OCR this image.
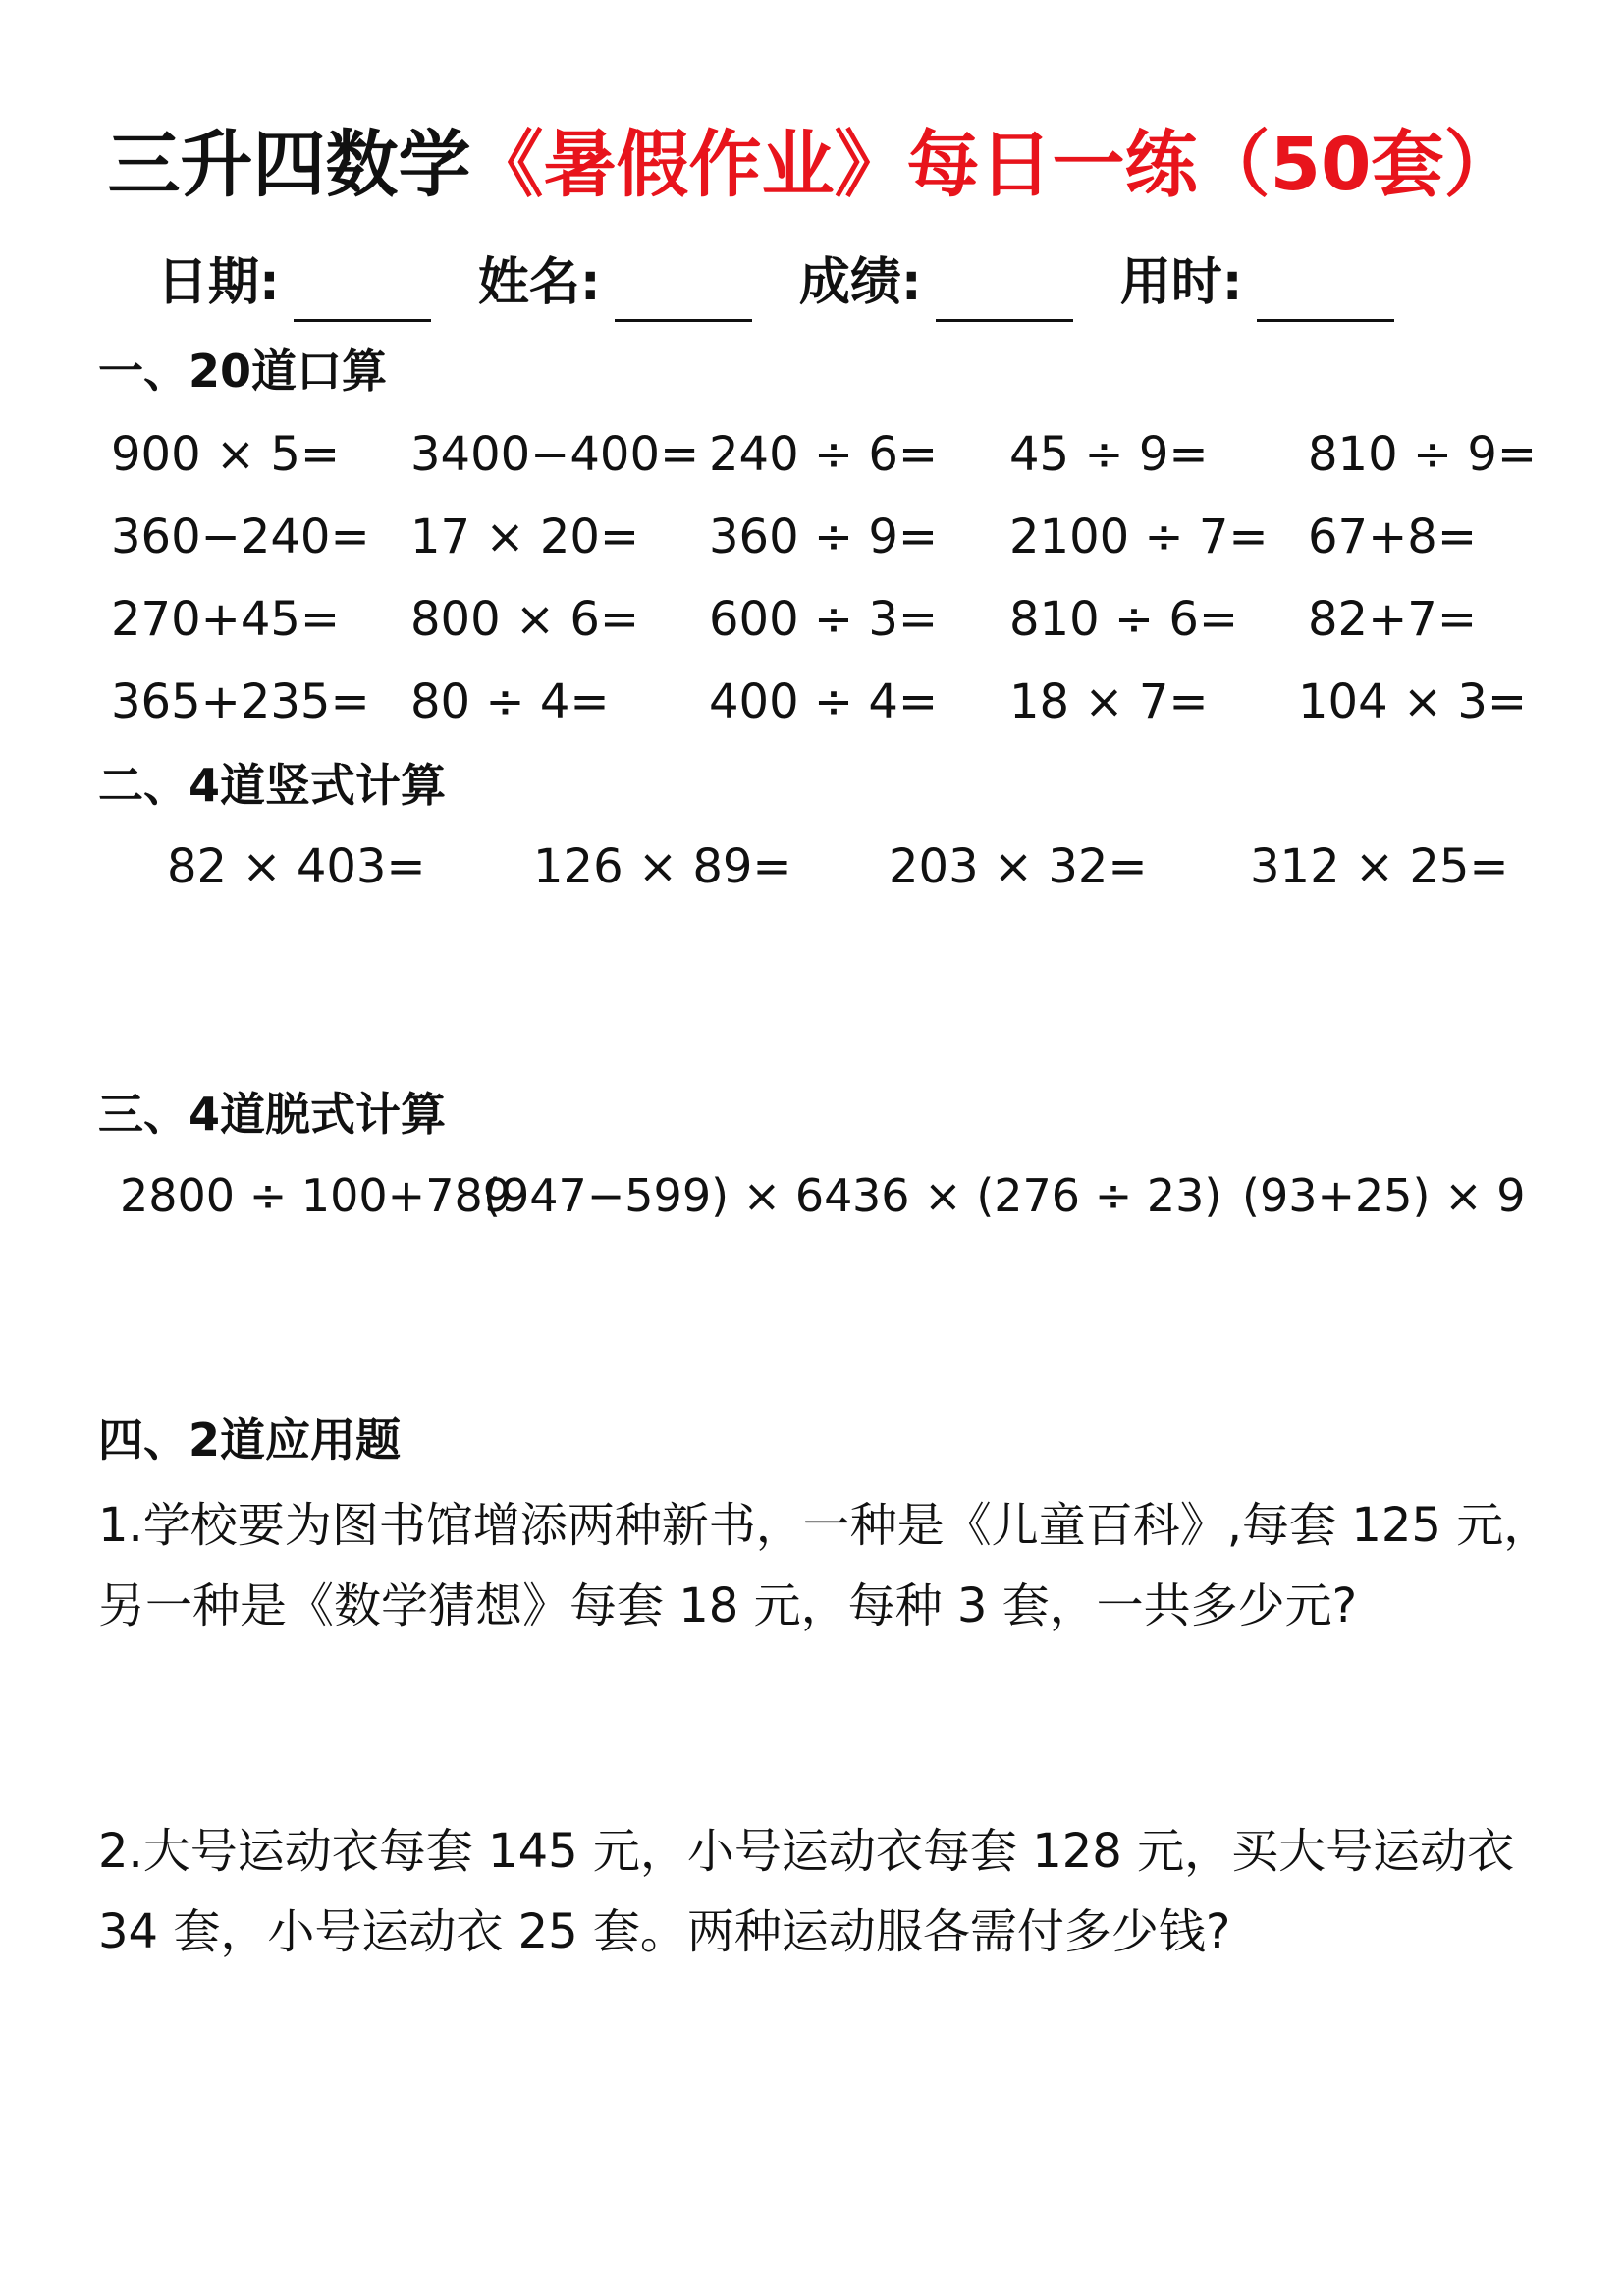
三升四数学《暑假作业》每日一练（50套）
日期:	姓名:	成绩:	用时:
一、20道口算
900 × 5= 3400−400= 240 ÷ 6= 45 ÷ 9= 810 ÷ 9=
360−240= 17 × 20= 360 ÷ 9= 2100 ÷ 7= 67+8=
270+45= 800 × 6= 600 ÷ 3= 810 ÷ 6= 82+7=
365+235= 80 ÷ 4= 400 ÷ 4= 18 × 7= 104 × 3=
二、4道竖式计算
82 × 403= 126 × 89= 203 × 32= 312 × 25=
三、4道脱式计算
2800 ÷ 100+789
(947−599) × 64 36 × (276 ÷ 23) (93+25) × 9
四、2道应用题
1.学校要为图书馆增添两种新书，一种是《儿童百科》,每套 125 元，
另一种是《数学猜想》每套 18 元，每种 3 套，一共多少元?
2.大号运动衣每套 145 元，小号运动衣每套 128 元，买大号运动衣
34 套，小号运动衣 25 套。两种运动服各需付多少钱?
